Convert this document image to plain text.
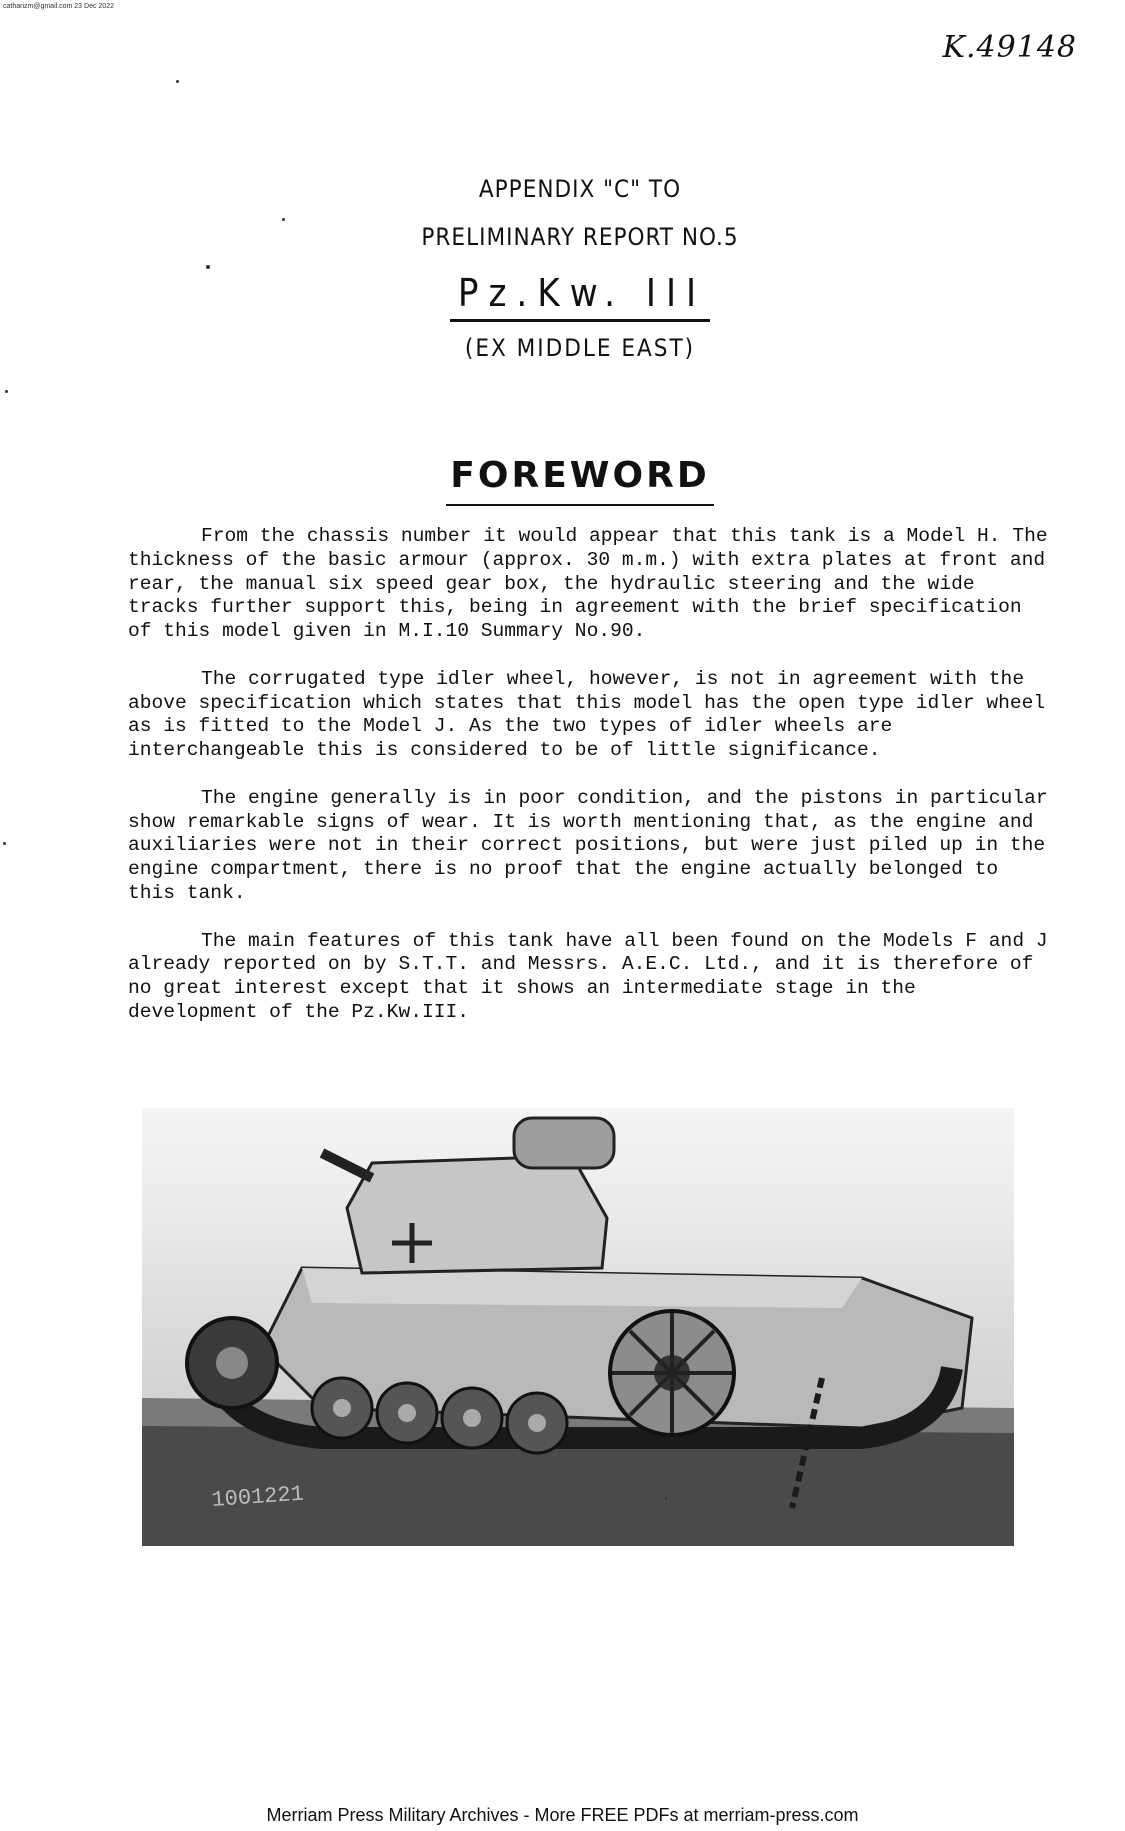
catharizm@gmail.com 23 Dec 2022
K.49148

APPENDIX "C" TO

PRELIMINARY REPORT NO.5

Pz.Kw. III
(EX MIDDLE EAST)
FOREWORD

From the chassis number it would appear that this tank is a Model H. The thickness of the basic armour (approx. 30 m.m.) with extra plates at front and rear, the manual six speed gear box, the hydraulic steering and the wide tracks further support this, being in agreement with the brief specification of this model given in M.I.10 Summary No.90.

The corrugated type idler wheel, however, is not in agreement with the above specification which states that this model has the open type idler wheel as is fitted to the Model J. As the two types of idler wheels are interchangeable this is considered to be of little significance.

The engine generally is in poor condition, and the pistons in particular show remarkable signs of wear. It is worth mentioning that, as the engine and auxiliaries were not in their correct positions, but were just piled up in the engine compartment, there is no proof that the engine actually belonged to this tank.

The main features of this tank have all been found on the Models F and J already reported on by S.T.T. and Messrs. A.E.C. Ltd., and it is therefore of no great interest except that it shows an intermediate stage in the development of the Pz.Kw.III.

1001221
Merriam Press Military Archives - More FREE PDFs at merriam-press.com
